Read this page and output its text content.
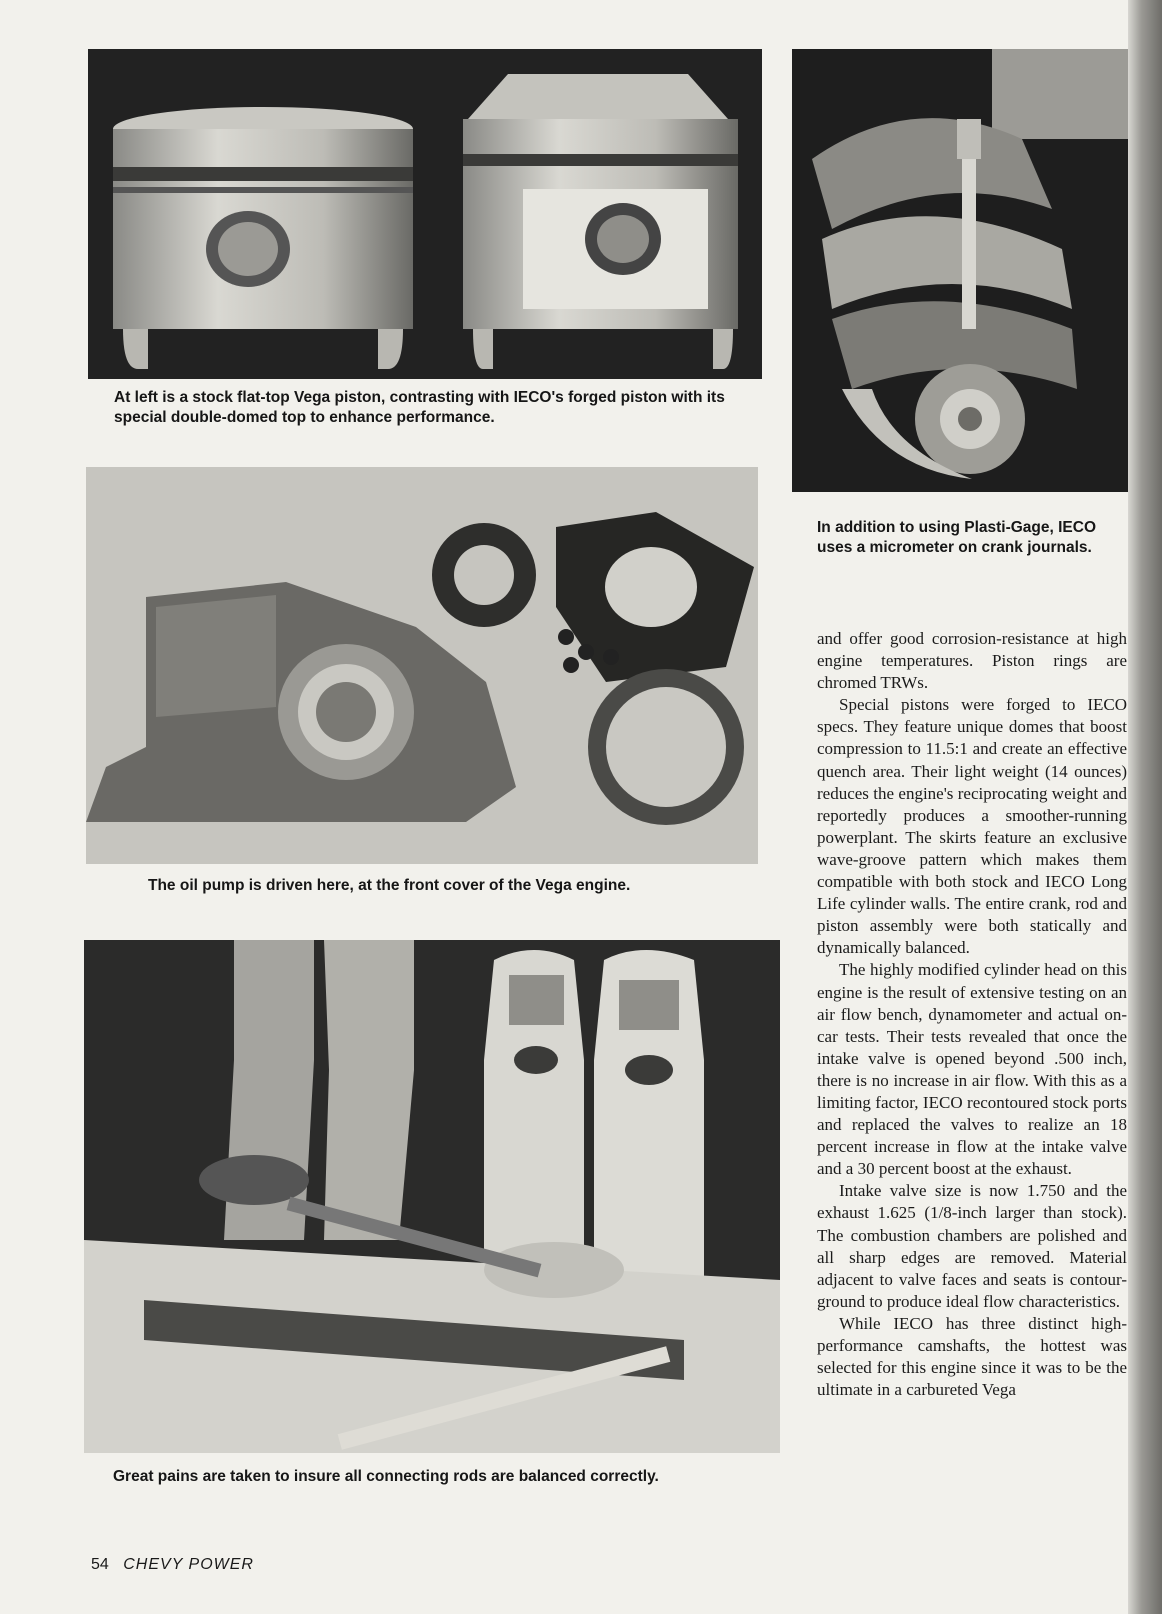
At left is a stock flat-top Vega piston, contrasting with IECO's forged piston with its special double-domed top to enhance performance.
In addition to using Plasti-Gage, IECO uses a micrometer on crank journals.
The oil pump is driven here, at the front cover of the Vega engine.
Great pains are taken to insure all connecting rods are balanced correctly.

and offer good corrosion-resistance at high engine temperatures. Piston rings are chromed TRWs.

Special pistons were forged to IECO specs. They feature unique domes that boost compression to 11.5:1 and create an effective quench area. Their light weight (14 ounces) reduces the engine's reciprocating weight and reportedly produces a smoother-running powerplant. The skirts feature an exclusive wave-groove pattern which makes them compatible with both stock and IECO Long Life cylinder walls. The entire crank, rod and piston assembly were both statically and dynamically balanced.

The highly modified cylinder head on this engine is the result of extensive testing on an air flow bench, dynamometer and actual on-car tests. Their tests revealed that once the intake valve is opened beyond .500 inch, there is no increase in air flow. With this as a limiting factor, IECO recontoured stock ports and replaced the valves to realize an 18 percent increase in flow at the intake valve and a 30 percent boost at the exhaust.

Intake valve size is now 1.750 and the exhaust 1.625 (1/8-inch larger than stock). The combustion chambers are polished and all sharp edges are removed. Material adjacent to valve faces and seats is contour-ground to produce ideal flow characteristics.

While IECO has three distinct high-performance camshafts, the hottest was selected for this engine since it was to be the ultimate in a carbureted Vega

54 CHEVY POWER
